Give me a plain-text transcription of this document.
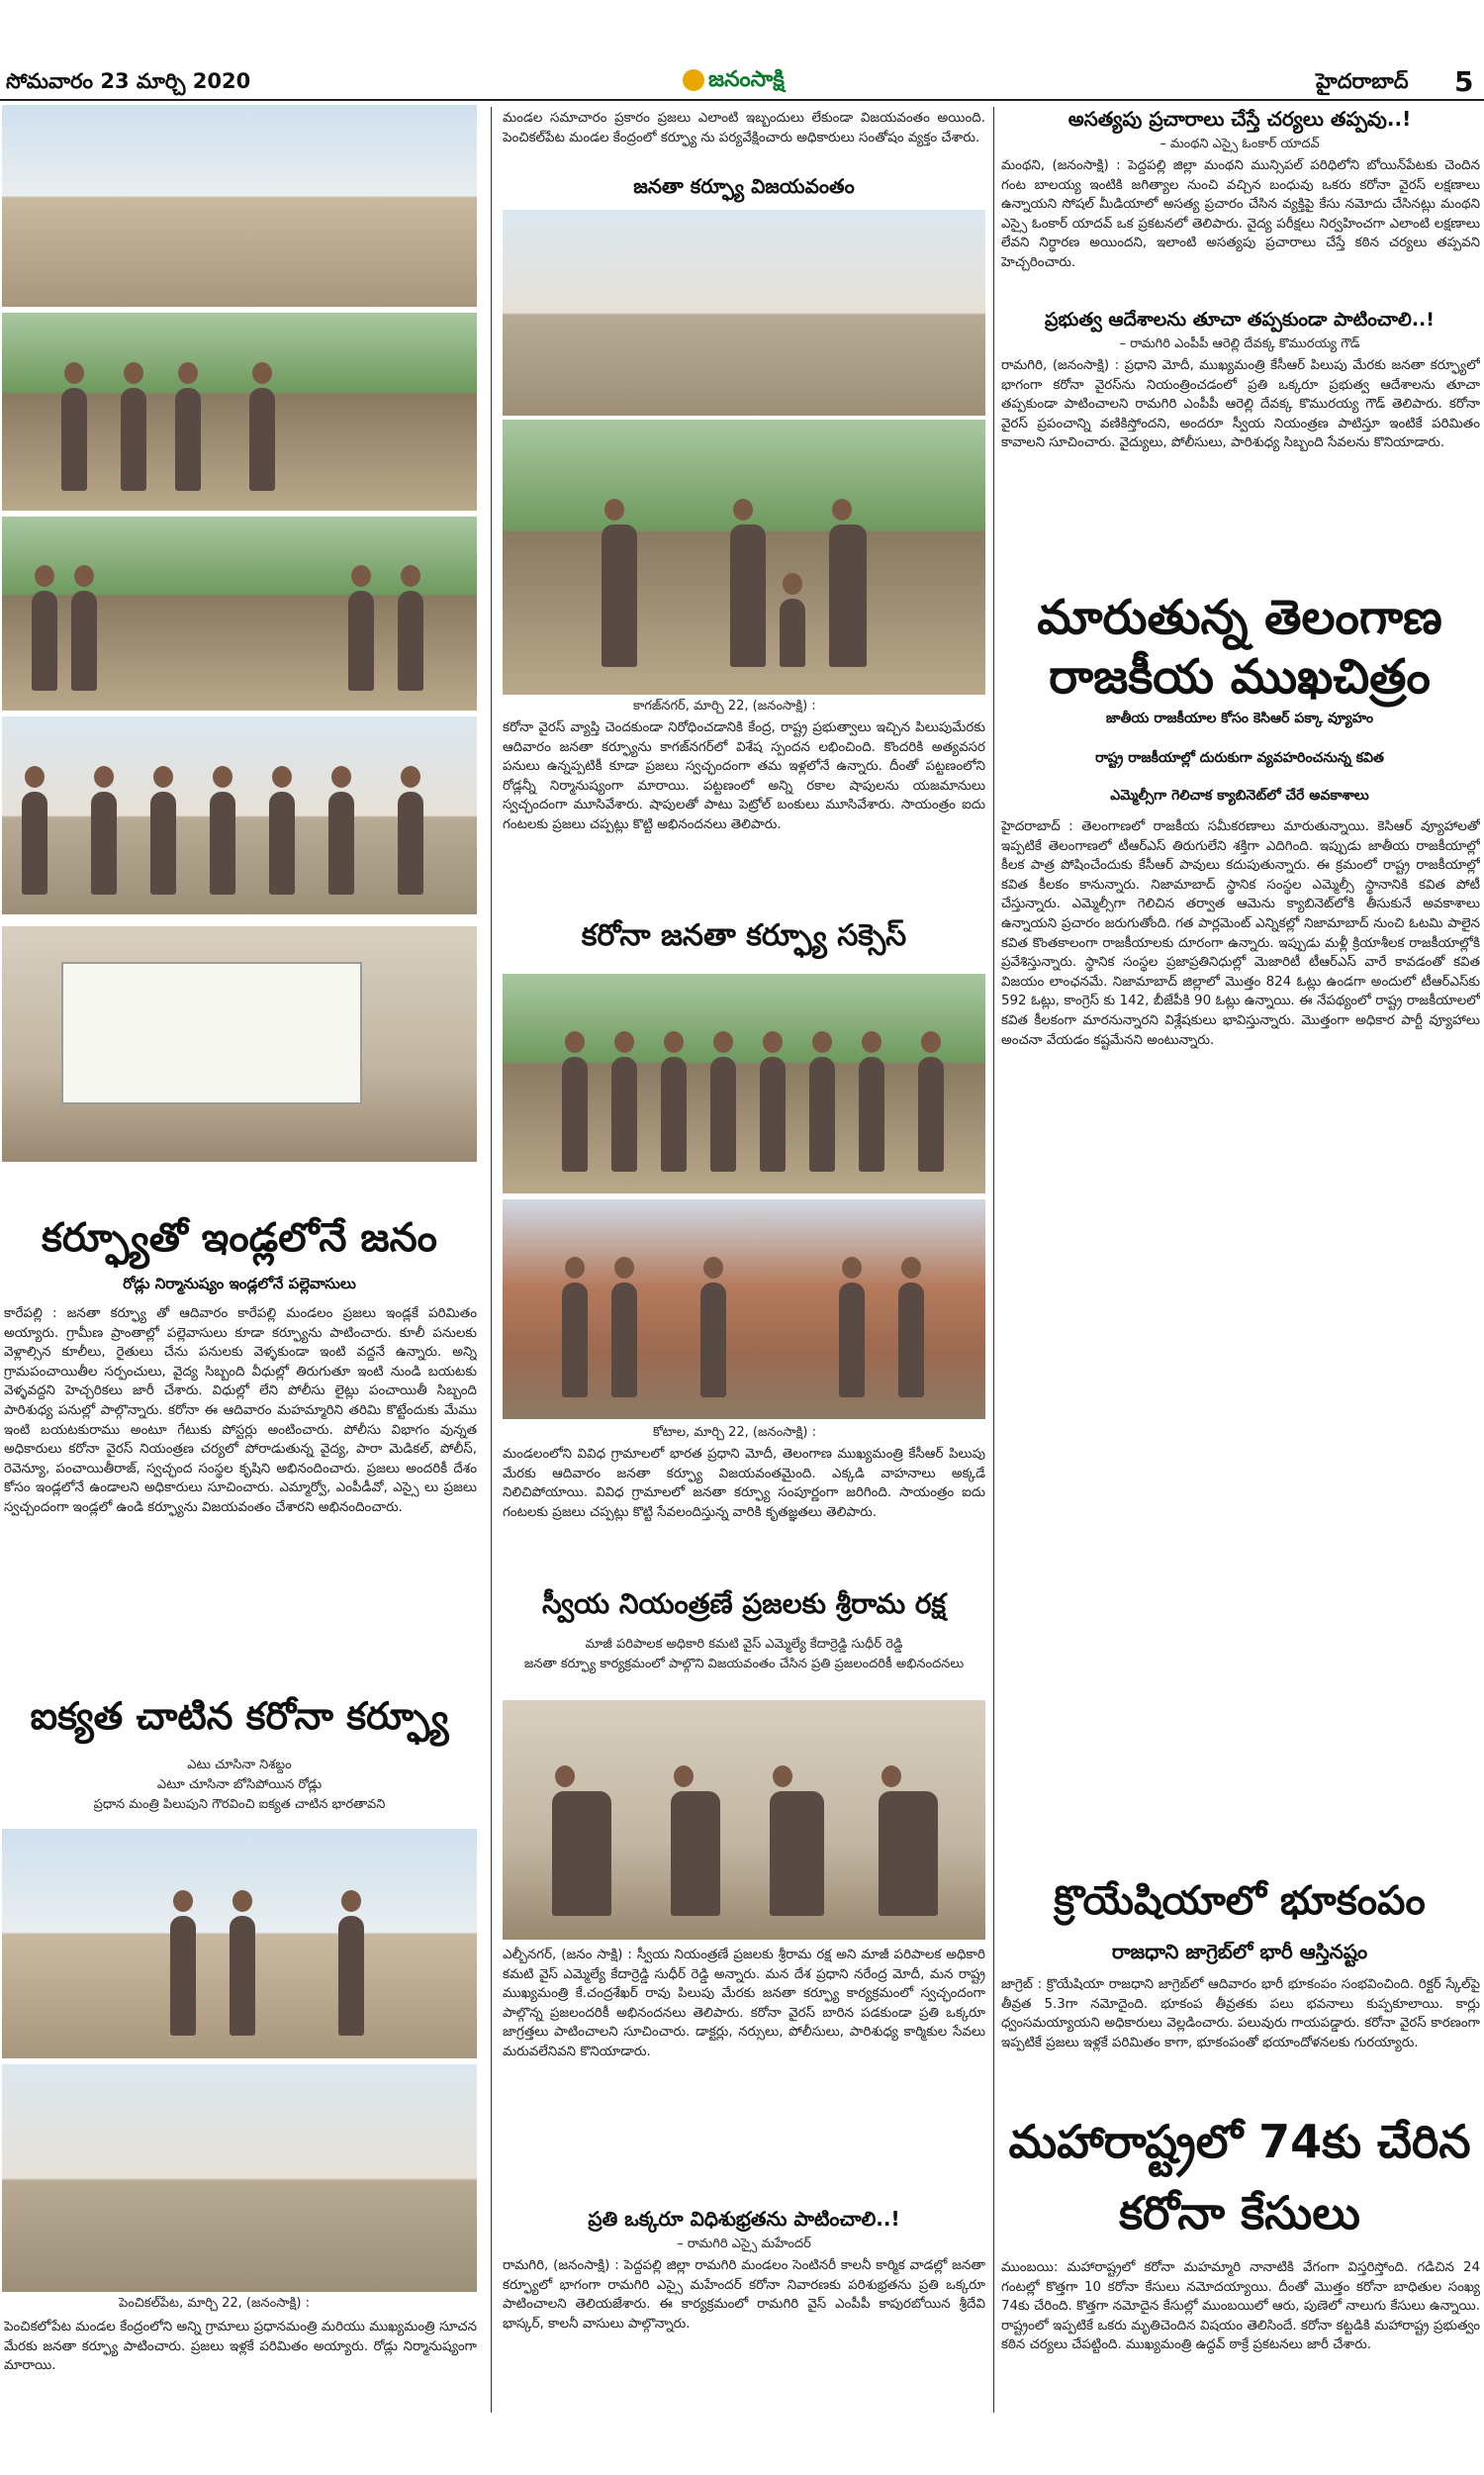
సోమవారం 23 మార్చి 2020	జనంసాక్షి	హైదరాబాద్ 5
కర్ఫ్యూతో ఇండ్లలోనే జనం
రోడ్లు నిర్మానుష్యం ఇండ్లలోనే పల్లెవాసులు
కారేపల్లి : జనతా కర్ఫ్యూ తో ఆదివారం కారేపల్లి మండలం ప్రజలు ఇండ్లకే పరిమితం అయ్యారు. గ్రామీణ ప్రాంతాల్లో పల్లెవాసులు కూడా కర్ఫ్యూను పాటించారు. కూలీ పనులకు వెళ్లాల్సిన కూలీలు, రైతులు చేను పనులకు వెళ్ళకుండా ఇంటి వద్దనే ఉన్నారు. అన్ని గ్రామపంచాయితీల సర్పంచులు, వైద్య సిబ్బంది వీధుల్లో తిరుగుతూ ఇంటి నుండి బయటకు వెళ్ళవద్దని హెచ్చరికలు జారీ చేశారు. విధుల్లో లేని పోలీసు లైట్లు పంచాయితీ సిబ్బంది పారిశుధ్య పనుల్లో పాల్గొన్నారు. కరోనా ఈ ఆదివారం మహమ్మారిని తరిమి కొట్టేందుకు మేము ఇంటి బయటకురాము అంటూ గేటుకు పోస్టర్లు అంటించారు. పోలీసు విభాగం వున్నత అధికారులు కరోనా వైరస్ నియంత్రణ చర్యలో పోరాడుతున్న వైద్య, పారా మెడికల్, పోలీస్, రెవెన్యూ, పంచాయితీరాజ్, స్వచ్ఛంద సంస్థల కృషిని అభినందించారు. ప్రజలు అందరికీ దేశం కోసం ఇండ్లలోనే ఉండాలని అధికారులు సూచించారు. ఎమ్మార్వో, ఎంపీడీవో, ఎస్సై లు ప్రజలు స్వచ్చందంగా ఇండ్లలో ఉండి కర్ఫ్యూను విజయవంతం చేశారని అభినందించారు.
ఐక్యత చాటిన కరోనా కర్ఫ్యూ
ఎటు చూసినా నిశబ్దం
ఎటూ చూసినా బోసిపోయిన రోడ్లు
ప్రధాన మంత్రి పిలుపుని గౌరవించి ఐక్యత చాటిన భారతావని
పెంచికల్‌పేట, మార్చి 22, (జనంసాక్షి) :
పెంచికలోపేట మండల కేంద్రంలోని అన్ని గ్రామాలు ప్రధానమంత్రి మరియు ముఖ్యమంత్రి సూచన మేరకు జనతా కర్ఫ్యూ పాటించారు. ప్రజలు ఇళ్లకే పరిమితం అయ్యారు. రోడ్లు నిర్మానుష్యంగా మారాయి.
మండల సమాచారం ప్రకారం ప్రజలు ఎలాంటి ఇబ్బందులు లేకుండా విజయవంతం అయింది. పెంచికల్‌పేట మండల కేంద్రంలో కర్ఫ్యూ ను పర్యవేక్షించారు అధికారులు సంతోషం వ్యక్తం చేశారు.
జనతా కర్ఫ్యూ విజయవంతం
కాగజ్‌నగర్, మార్చి 22, (జనంసాక్షి) :
కరోనా వైరస్ వ్యాప్తి చెందకుండా నిరోధించడానికి కేంద్ర, రాష్ట్ర ప్రభుత్వాలు ఇచ్చిన పిలుపుమేరకు ఆదివారం జనతా కర్ఫ్యూను కాగజ్‌నగర్‌లో విశేష స్పందన లభించింది. కొందరికి అత్యవసర పనులు ఉన్నప్పటికీ కూడా ప్రజలు స్వచ్ఛందంగా తమ ఇళ్లలోనే ఉన్నారు. దీంతో పట్టణంలోని రోడ్లన్నీ నిర్మానుష్యంగా మారాయి. పట్టణంలో అన్ని రకాల షాపులను యజమానులు స్వచ్ఛందంగా మూసివేశారు. షాపులతో పాటు పెట్రోల్ బంకులు మూసివేశారు. సాయంత్రం ఐదు గంటలకు ప్రజలు చప్పట్లు కొట్టి అభినందనలు తెలిపారు.
కరోనా జనతా కర్ఫ్యూ సక్సెస్
కోటాల, మార్చి 22, (జనంసాక్షి) :
మండలంలోని వివిధ గ్రామాలలో భారత ప్రధాని మోదీ, తెలంగాణ ముఖ్యమంత్రి కేసీఆర్ పిలుపు మేరకు ఆదివారం జనతా కర్ఫ్యూ విజయవంతమైంది. ఎక్కడి వాహనాలు అక్కడే నిలిచిపోయాయి. వివిధ గ్రామాలలో జనతా కర్ఫ్యూ సంపూర్ణంగా జరిగింది. సాయంత్రం ఐదు గంటలకు ప్రజలు చప్పట్లు కొట్టి సేవలందిస్తున్న వారికి కృతజ్ఞతలు తెలిపారు.
స్వీయ నియంత్రణే ప్రజలకు శ్రీరామ రక్ష
మాజీ పరిపాలక అధికారి కమటి వైస్ ఎమ్మెల్యే కేదార్రెడ్డి సుధీర్ రెడ్డి
జనతా కర్ఫ్యూ కార్యక్రమంలో పాల్గొని విజయవంతం చేసిన ప్రతి ప్రజలందరికీ అభినందనలు
ఎల్బీనగర్, (జనం సాక్షి) : స్వీయ నియంత్రణే ప్రజలకు శ్రీరామ రక్ష అని మాజీ పరిపాలక అధికారి కమటి వైస్ ఎమ్మెల్యే కేదార్రెడ్డి సుధీర్ రెడ్డి అన్నారు. మన దేశ ప్రధాని నరేంద్ర మోదీ, మన రాష్ట్ర ముఖ్యమంత్రి కే.చంద్రశేఖర్ రావు పిలుపు మేరకు జనతా కర్ఫ్యూ కార్యక్రమంలో స్వచ్ఛందంగా పాల్గొన్న ప్రజలందరికీ అభినందనలు తెలిపారు. కరోనా వైరస్ బారిన పడకుండా ప్రతి ఒక్కరూ జాగ్రత్తలు పాటించాలని సూచించారు. డాక్టర్లు, నర్సులు, పోలీసులు, పారిశుధ్య కార్మికుల సేవలు మరువలేనివని కొనియాడారు.
ప్రతి ఒక్కరూ విధిశుభ్రతను పాటించాలి..!
– రామగిరి ఎస్సై మహేందర్
రామగిరి, (జనంసాక్షి) : పెద్దపల్లి జిల్లా రామగిరి మండలం సెంటినరీ కాలనీ కార్మిక వాడల్లో జనతా కర్ఫ్యూలో భాగంగా రామగిరి ఎస్సై మహేందర్ కరోనా నివారణకు పరిశుభ్రతను ప్రతి ఒక్కరూ పాటించాలని తెలియజేశారు. ఈ కార్యక్రమంలో రామగిరి వైస్ ఎంపీపీ కాపురబోయిన శ్రీదేవి భాస్కర్, కాలనీ వాసులు పాల్గొన్నారు.
అసత్యపు ప్రచారాలు చేస్తే చర్యలు తప్పవు..!
– మంథని ఎస్సై ఓంకార్ యాదవ్
మంథని, (జనంసాక్షి) : పెద్దపల్లి జిల్లా మంథని మున్సిపల్ పరిధిలోని బోయిన్‌పేటకు చెందిన గంట బాలయ్య ఇంటికి జగిత్యాల నుంచి వచ్చిన బంధువు ఒకరు కరోనా వైరస్ లక్షణాలు ఉన్నాయని సోషల్ మీడియాలో అసత్య ప్రచారం చేసిన వ్యక్తిపై కేసు నమోదు చేసినట్లు మంథని ఎస్సై ఓంకార్ యాదవ్ ఒక ప్రకటనలో తెలిపారు. వైద్య పరీక్షలు నిర్వహించగా ఎలాంటి లక్షణాలు లేవని నిర్ధారణ అయిందని, ఇలాంటి అసత్యపు ప్రచారాలు చేస్తే కఠిన చర్యలు తప్పవని హెచ్చరించారు.
ప్రభుత్వ ఆదేశాలను తూచా తప్పకుండా పాటించాలి..!
– రామగిరి ఎంపీపీ ఆరెల్లి దేవక్క కొమురయ్య గౌడ్
రామగిరి, (జనంసాక్షి) : ప్రధాని మోదీ, ముఖ్యమంత్రి కేసీఆర్ పిలుపు మేరకు జనతా కర్ఫ్యూలో భాగంగా కరోనా వైరస్‌ను నియంత్రించడంలో ప్రతి ఒక్కరూ ప్రభుత్వ ఆదేశాలను తూచా తప్పకుండా పాటించాలని రామగిరి ఎంపీపీ ఆరెల్లి దేవక్క కొమురయ్య గౌడ్ తెలిపారు. కరోనా వైరస్ ప్రపంచాన్ని వణికిస్తోందని, అందరూ స్వీయ నియంత్రణ పాటిస్తూ ఇంటికే పరిమితం కావాలని సూచించారు. వైద్యులు, పోలీసులు, పారిశుధ్య సిబ్బంది సేవలను కొనియాడారు.
మారుతున్న తెలంగాణ రాజకీయ ముఖచిత్రం
జాతీయ రాజకీయాల కోసం కెసిఆర్ పక్కా వ్యూహం
రాష్ట్ర రాజకీయాల్లో దురుకుగా వ్యవహరించనున్న కవిత
ఎమ్మెల్సీగా గెలిచాక క్యాబినెట్‌లో చేరే అవకాశాలు
హైదరాబాద్ : తెలంగాణలో రాజకీయ సమీకరణాలు మారుతున్నాయి. కెసిఆర్ వ్యూహాలతో ఇప్పటికే తెలంగాణలో టీఆర్ఎస్ తిరుగులేని శక్తిగా ఎదిగింది. ఇప్పుడు జాతీయ రాజకీయాల్లో కీలక పాత్ర పోషించేందుకు కేసీఆర్ పావులు కదుపుతున్నారు. ఈ క్రమంలో రాష్ట్ర రాజకీయాల్లో కవిత కీలకం కానున్నారు. నిజామాబాద్ స్థానిక సంస్థల ఎమ్మెల్సీ స్థానానికి కవిత పోటీ చేస్తున్నారు. ఎమ్మెల్సీగా గెలిచిన తర్వాత ఆమెను క్యాబినెట్‌లోకి తీసుకునే అవకాశాలు ఉన్నాయని ప్రచారం జరుగుతోంది. గత పార్లమెంట్ ఎన్నికల్లో నిజామాబాద్ నుంచి ఓటమి పాలైన కవిత కొంతకాలంగా రాజకీయాలకు దూరంగా ఉన్నారు. ఇప్పుడు మళ్లీ క్రియాశీలక రాజకీయాల్లోకి ప్రవేశిస్తున్నారు. స్థానిక సంస్థల ప్రజాప్రతినిధుల్లో మెజారిటీ టీఆర్ఎస్ వారే కావడంతో కవిత విజయం లాంఛనమే. నిజామాబాద్ జిల్లాలో మొత్తం 824 ఓట్లు ఉండగా అందులో టీఆర్ఎస్‌కు 592 ఓట్లు, కాంగ్రెస్ కు 142, బీజేపీకి 90 ఓట్లు ఉన్నాయి. ఈ నేపథ్యంలో రాష్ట్ర రాజకీయాలలో కవిత కీలకంగా మారనున్నారని విశ్లేషకులు భావిస్తున్నారు. మొత్తంగా అధికార పార్టీ వ్యూహాలు అంచనా వేయడం కష్టమేనని అంటున్నారు.
క్రొయేషియాలో భూకంపం
రాజధాని జాగ్రెబ్‌లో భారీ ఆస్తినష్టం
జాగ్రెబ్ : క్రొయేషియా రాజధాని జాగ్రెబ్‌లో ఆదివారం భారీ భూకంపం సంభవించింది. రిక్టర్ స్కేల్‌పై తీవ్రత 5.3గా నమోదైంది. భూకంప తీవ్రతకు పలు భవనాలు కుప్పకూలాయి. కార్లు ధ్వంసమయ్యాయని అధికారులు వెల్లడించారు. పలువురు గాయపడ్డారు. కరోనా వైరస్ కారణంగా ఇప్పటికే ప్రజలు ఇళ్లకే పరిమితం కాగా, భూకంపంతో భయాందోళనలకు గురయ్యారు.
మహారాష్ట్రలో 74కు చేరిన కరోనా కేసులు
ముంబయి: మహారాష్ట్రలో కరోనా మహమ్మారి నానాటికి వేగంగా విస్తరిస్తోంది. గడిచిన 24 గంటల్లో కొత్తగా 10 కరోనా కేసులు నమోదయ్యాయి. దీంతో మొత్తం కరోనా బాధితుల సంఖ్య 74కు చేరింది. కొత్తగా నమోదైన కేసుల్లో ముంబయిలో ఆరు, పుణెలో నాలుగు కేసులు ఉన్నాయి. రాష్ట్రంలో ఇప్పటికే ఒకరు మృతిచెందిన విషయం తెలిసిందే. కరోనా కట్టడికి మహారాష్ట్ర ప్రభుత్వం కఠిన చర్యలు చేపట్టింది. ముఖ్యమంత్రి ఉద్ధవ్ ఠాక్రే ప్రకటనలు జారీ చేశారు.
